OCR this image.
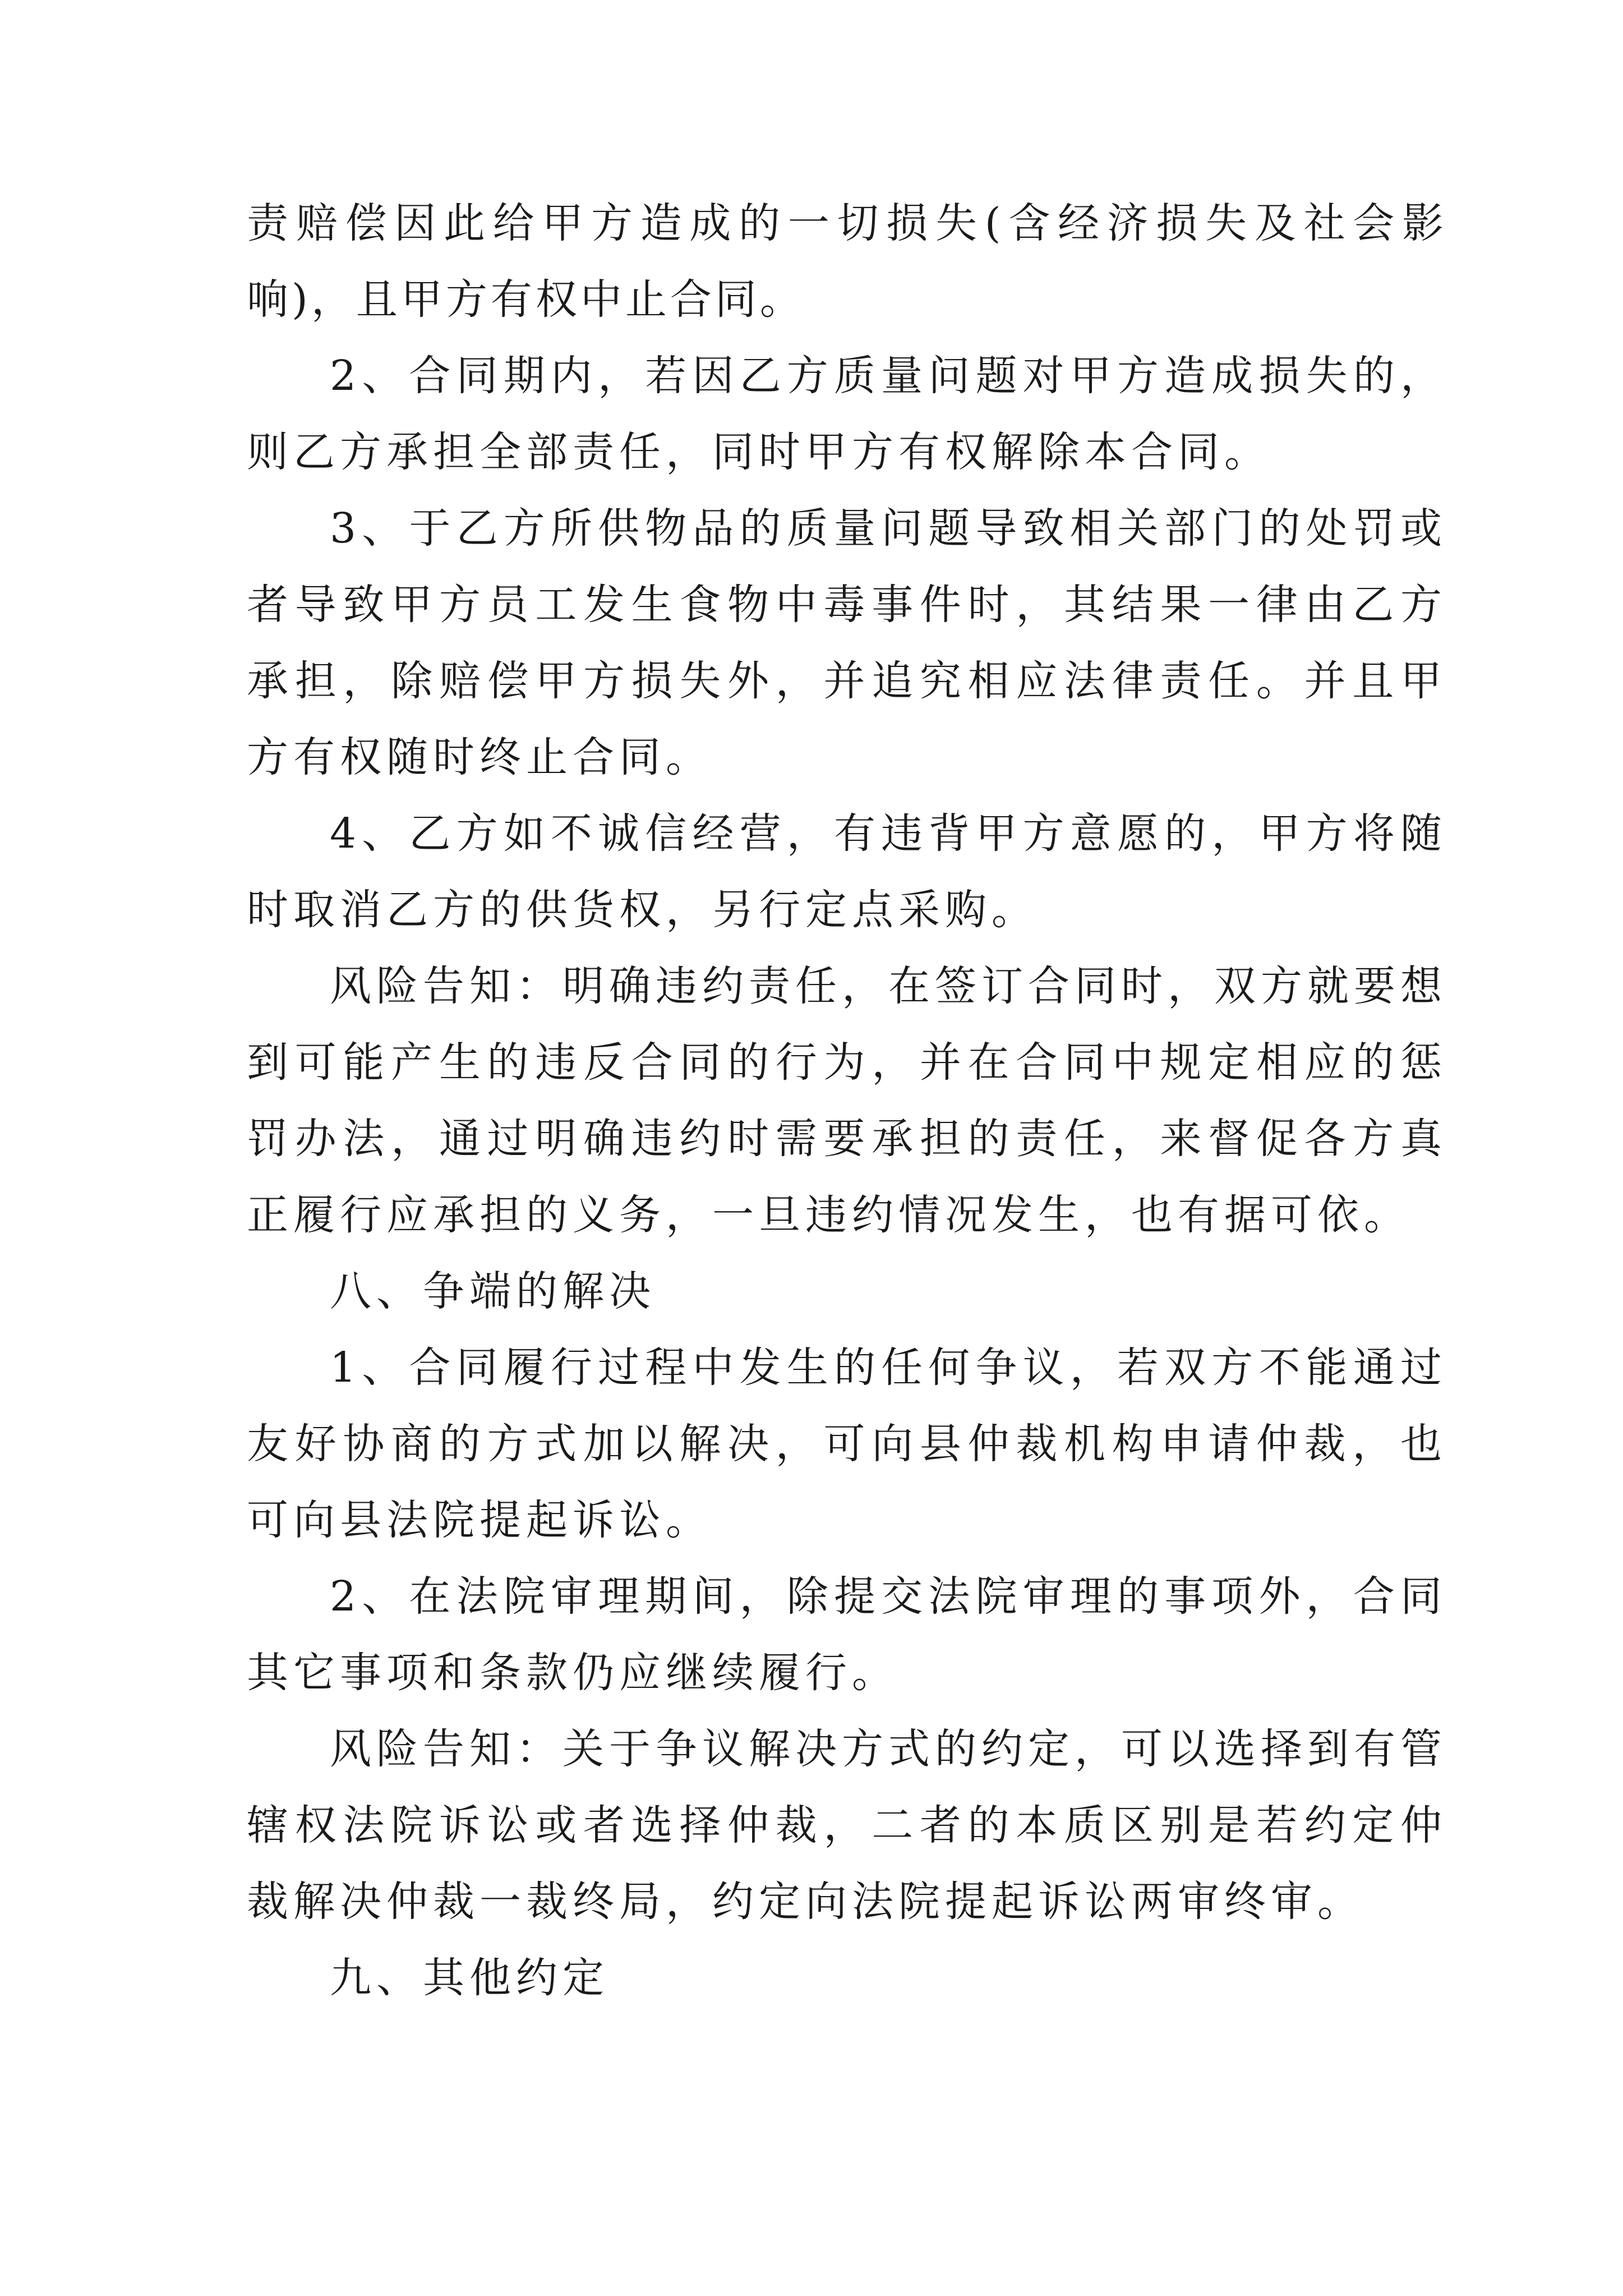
责赔偿因此给甲方造成的一切损失(含经济损失及社会影响)，且甲方有权中止合同。

2、合同期内，若因乙方质量问题对甲方造成损失的，则乙方承担全部责任，同时甲方有权解除本合同。

3、于乙方所供物品的质量问题导致相关部门的处罚或者导致甲方员工发生食物中毒事件时，其结果一律由乙方承担，除赔偿甲方损失外，并追究相应法律责任。并且甲方有权随时终止合同。

4、乙方如不诚信经营，有违背甲方意愿的，甲方将随时取消乙方的供货权，另行定点采购。

风险告知：明确违约责任，在签订合同时，双方就要想到可能产生的违反合同的行为，并在合同中规定相应的惩罚办法，通过明确违约时需要承担的责任，来督促各方真正履行应承担的义务，一旦违约情况发生，也有据可依。

八、争端的解决

1、合同履行过程中发生的任何争议，若双方不能通过友好协商的方式加以解决，可向县仲裁机构申请仲裁，也可向县法院提起诉讼。

2、在法院审理期间，除提交法院审理的事项外，合同其它事项和条款仍应继续履行。

风险告知：关于争议解决方式的约定，可以选择到有管辖权法院诉讼或者选择仲裁，二者的本质区别是若约定仲裁解决仲裁一裁终局，约定向法院提起诉讼两审终审。

九、其他约定
